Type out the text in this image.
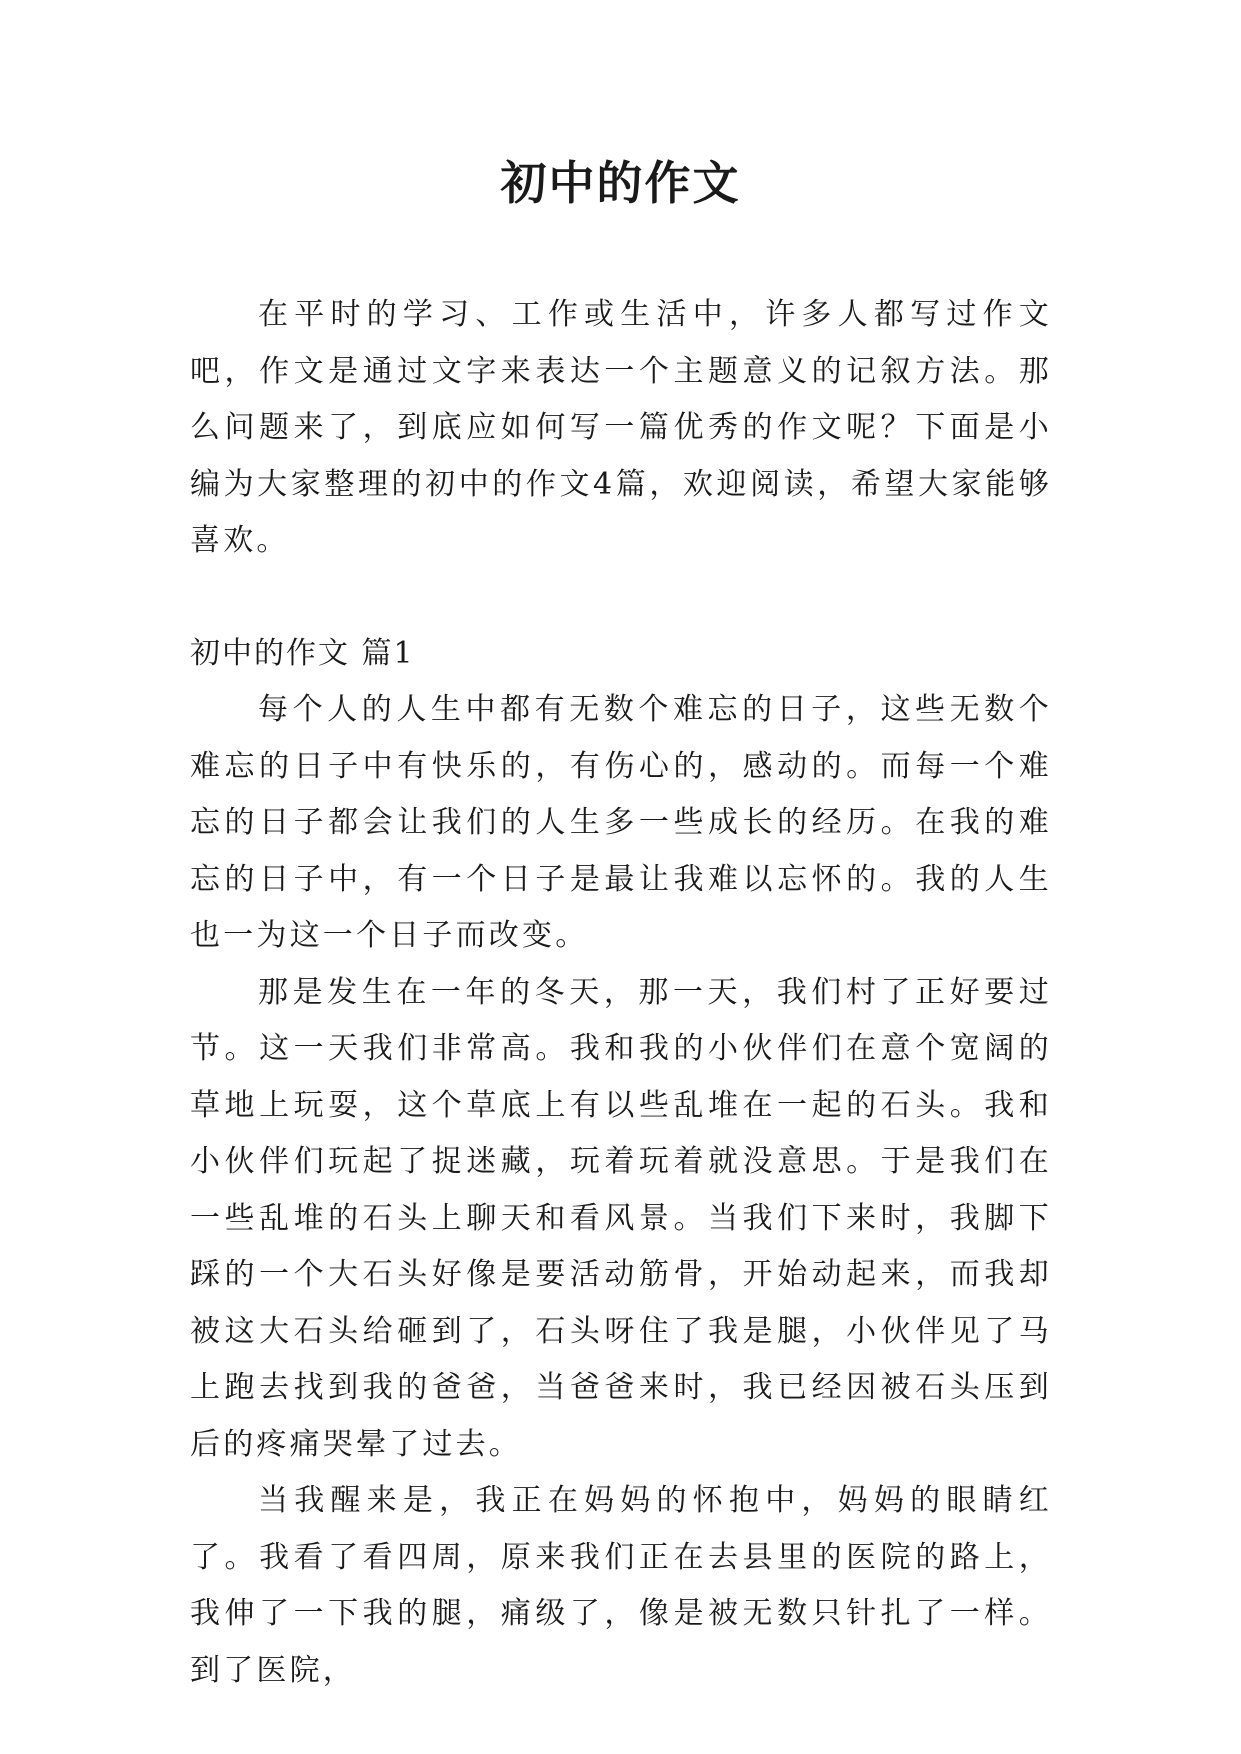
初中的作文

在平时的学习、工作或生活中，许多人都写过作文吧，作文是通过文字来表达一个主题意义的记叙方法。那么问题来了，到底应如何写一篇优秀的作文呢？下面是小编为大家整理的初中的作文4篇，欢迎阅读，希望大家能够喜欢。

初中的作文 篇1

每个人的人生中都有无数个难忘的日子，这些无数个难忘的日子中有快乐的，有伤心的，感动的。而每一个难忘的日子都会让我们的人生多一些成长的经历。在我的难忘的日子中，有一个日子是最让我难以忘怀的。我的人生也一为这一个日子而改变。

那是发生在一年的冬天，那一天，我们村了正好要过节。这一天我们非常高。我和我的小伙伴们在意个宽阔的草地上玩耍，这个草底上有以些乱堆在一起的石头。我和小伙伴们玩起了捉迷藏，玩着玩着就没意思。于是我们在一些乱堆的石头上聊天和看风景。当我们下来时，我脚下踩的一个大石头好像是要活动筋骨，开始动起来，而我却被这大石头给砸到了，石头呀住了我是腿，小伙伴见了马上跑去找到我的爸爸，当爸爸来时，我已经因被石头压到后的疼痛哭晕了过去。

当我醒来是，我正在妈妈的怀抱中，妈妈的眼睛红了。我看了看四周，原来我们正在去县里的医院的路上，我伸了一下我的腿，痛级了，像是被无数只针扎了一样。到了医院，
